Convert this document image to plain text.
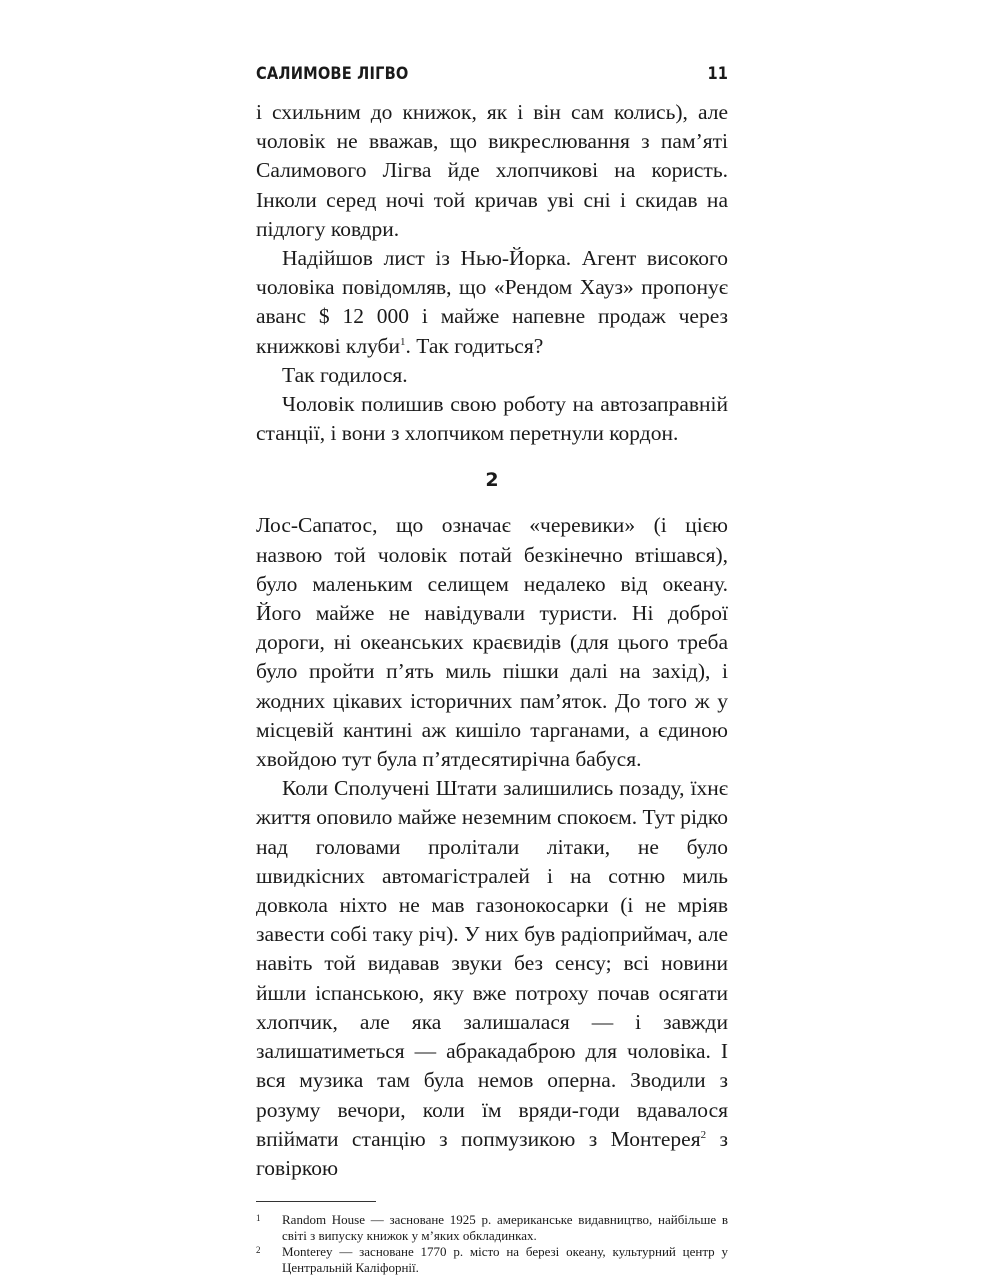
САЛИМОВЕ ЛІГВО	11

і схильним до книжок, як і він сам колись), але чоловік не вважав, що викреслювання з пам’яті Салимового Лігва йде хлопчикові на користь. Інколи серед ночі той кричав уві сні і скидав на підлогу ковдри.

Надійшов лист із Нью-Йорка. Агент високого чоловіка повідомляв, що «Рендом Хауз» пропонує аванс $ 12 000 і майже напевне продаж через книжкові клуби$^1$. Так годиться?

Так годилося.

Чоловік полишив свою роботу на автозаправній станції, і вони з хлопчиком перетнули кордон.

2

Лос-Сапатос, що означає «черевики» (і цією назвою той чоловік потай безкінечно втішався), було маленьким селищем недалеко від океану. Його майже не навідували туристи. Ні доброї дороги, ні океанських краєвидів (для цього треба було пройти п’ять миль пішки далі на захід), і жодних цікавих історичних пам’яток. До того ж у місцевій кантині аж кишіло тарганами, а єдиною хвойдою тут була п’ятдесятирічна бабуся.

Коли Сполучені Штати залишились позаду, їхнє життя оповило майже неземним спокоєм. Тут рідко над головами пролітали літаки, не було швидкісних автомагістралей і на сотню миль довкола ніхто не мав газонокосарки (і не мріяв завести собі таку річ). У них був радіоприймач, але навіть той видавав звуки без сенсу; всі новини йшли іспанською, яку вже потроху почав осягати хлопчик, але яка залишалася — і завжди залишатиметься — абракадаброю для чоловіка. І вся музика там була немов оперна. Зводили з розуму вечори, коли їм вряди-годи вдавалося впіймати станцію з попмузикою з Монтерея$^2$ з говіркою

1 Random House — засноване 1925 р. американське видавництво, найбільше в світі з випуску книжок у м’яких обкладинках.

2 Monterey — засноване 1770 р. місто на березі океану, культурний центр у Центральній Каліфорнії.
